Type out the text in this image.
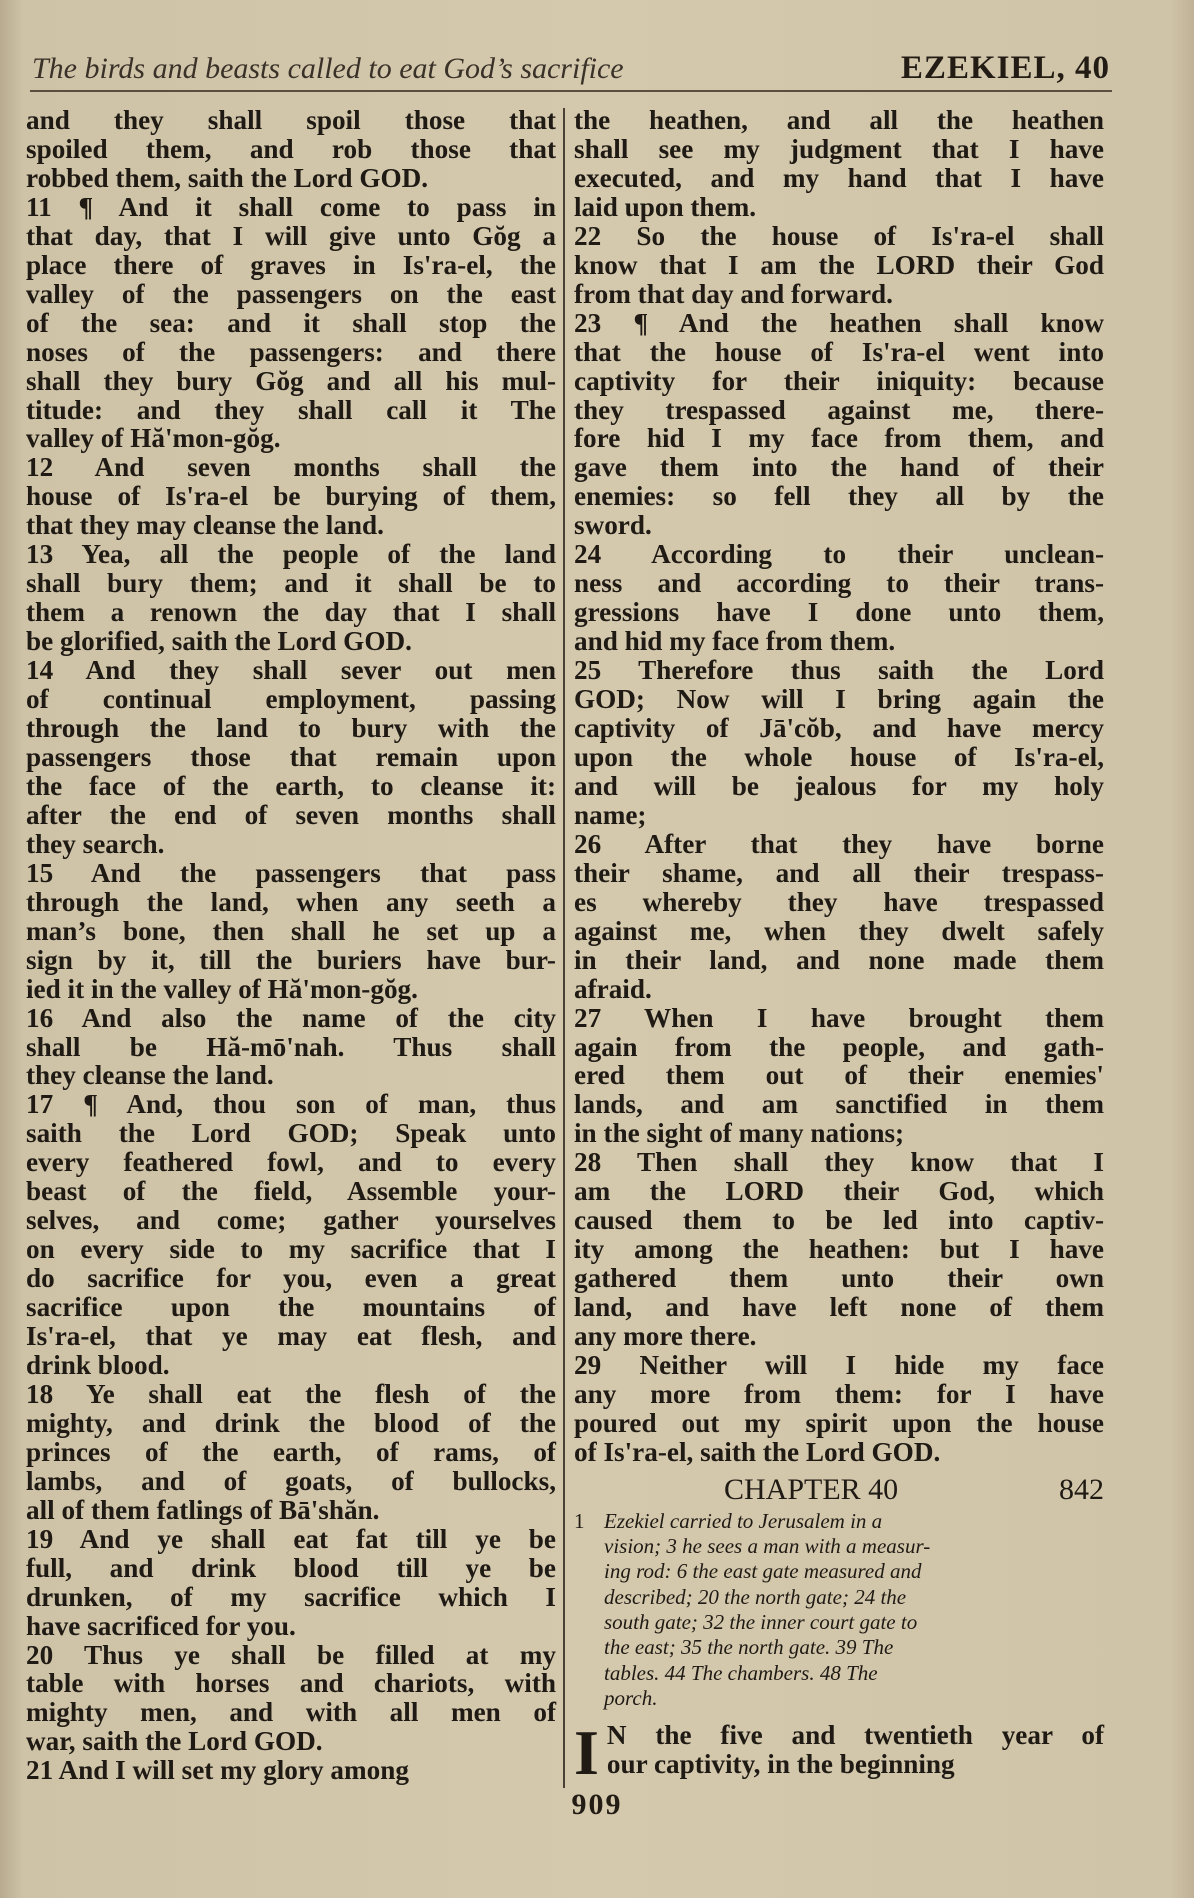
The birds and beasts called to eat God’s sacrifice	EZEKIEL, 40

and they shall spoil those that

spoiled them, and rob those that

robbed them, saith the Lord GOD.

11 ¶ And it shall come to pass in

that day, that I will give unto Gŏg a

place there of graves in Is'ra-el, the

valley of the passengers on the east

of the sea: and it shall stop the

noses of the passengers: and there

shall they bury Gŏg and all his mul-

titude: and they shall call it The

valley of Hă'mon-gŏg.

12 And seven months shall the

house of Is'ra-el be burying of them,

that they may cleanse the land.

13 Yea, all the people of the land

shall bury them; and it shall be to

them a renown the day that I shall

be glorified, saith the Lord GOD.

14 And they shall sever out men

of continual employment, passing

through the land to bury with the

passengers those that remain upon

the face of the earth, to cleanse it:

after the end of seven months shall

they search.

15 And the passengers that pass

through the land, when any seeth a

man’s bone, then shall he set up a

sign by it, till the buriers have bur-

ied it in the valley of Hă'mon-gŏg.

16 And also the name of the city

shall be Hă-mō'nah. Thus shall

they cleanse the land.

17 ¶ And, thou son of man, thus

saith the Lord GOD; Speak unto

every feathered fowl, and to every

beast of the field, Assemble your-

selves, and come; gather yourselves

on every side to my sacrifice that I

do sacrifice for you, even a great

sacrifice upon the mountains of

Is'ra-el, that ye may eat flesh, and

drink blood.

18 Ye shall eat the flesh of the

mighty, and drink the blood of the

princes of the earth, of rams, of

lambs, and of goats, of bullocks,

all of them fatlings of Bā'shăn.

19 And ye shall eat fat till ye be

full, and drink blood till ye be

drunken, of my sacrifice which I

have sacrificed for you.

20 Thus ye shall be filled at my

table with horses and chariots, with

mighty men, and with all men of

war, saith the Lord GOD.

21 And I will set my glory among

the heathen, and all the heathen

shall see my judgment that I have

executed, and my hand that I have

laid upon them.

22 So the house of Is'ra-el shall

know that I am the LORD their God

from that day and forward.

23 ¶ And the heathen shall know

that the house of Is'ra-el went into

captivity for their iniquity: because

they trespassed against me, there-

fore hid I my face from them, and

gave them into the hand of their

enemies: so fell they all by the

sword.

24 According to their unclean-

ness and according to their trans-

gressions have I done unto them,

and hid my face from them.

25 Therefore thus saith the Lord

GOD; Now will I bring again the

captivity of Jā'cŏb, and have mercy

upon the whole house of Is'ra-el,

and will be jealous for my holy

name;

26 After that they have borne

their shame, and all their trespass-

es whereby they have trespassed

against me, when they dwelt safely

in their land, and none made them

afraid.

27 When I have brought them

again from the people, and gath-

ered them out of their enemies'

lands, and am sanctified in them

in the sight of many nations;

28 Then shall they know that I

am the LORD their God, which

caused them to be led into captiv-

ity among the heathen: but I have

gathered them unto their own

land, and have left none of them

any more there.

29 Neither will I hide my face

any more from them: for I have

poured out my spirit upon the house

of Is'ra-el, saith the Lord GOD.

CHAPTER 40	842
1 Ezekiel carried to Jerusalem in a
vision; 3 he sees a man with a measur-
ing rod: 6 the east gate measured and
described; 20 the north gate; 24 the
south gate; 32 the inner court gate to
the east; 35 the north gate. 39 The
tables. 44 The chambers. 48 The
porch.
I N the five and twentieth year of

our captivity, in the beginning

909
